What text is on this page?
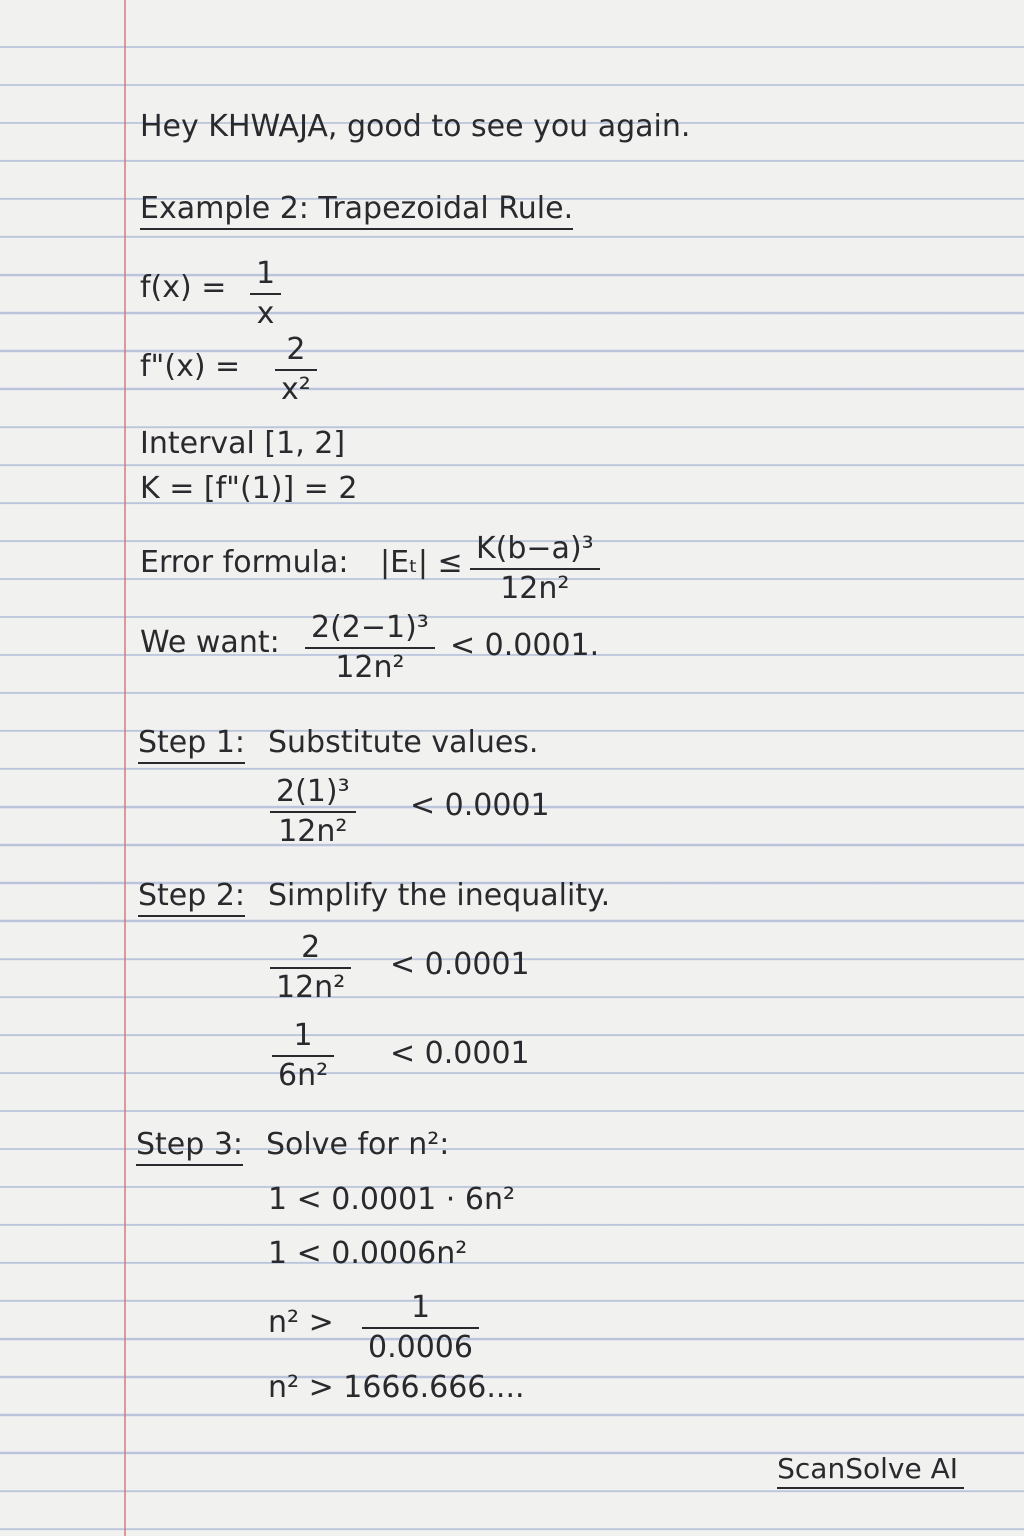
Hey KHWAJA, good to see you again.
Example 2: Trapezoidal Rule.
f(x) = 1
x
f"(x) = 2
x²
Interval [1, 2]
K = [f"(1)] = 2
Error formula: |Eₜ| ≤ K(b−a)³
12n²
We want: 2(2−1)³
12n²
< 0.0001.
Step 1: Substitute values.
2(1)³
12n²
< 0.0001
Step 2: Simplify the inequality.
2
12n²
< 0.0001
1
6n²
< 0.0001
Step 3: Solve for n²:
1 < 0.0001 · 6n²
1 < 0.0006n²
n² >	1
0.0006
n² > 1666.666....
ScanSolve AI
